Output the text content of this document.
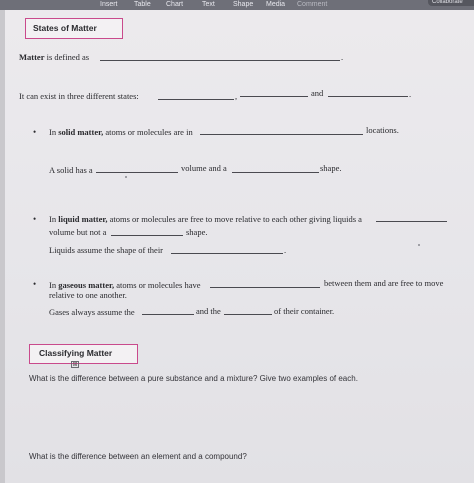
Insert Table Chart	Text	Shape Media Comment	Collaborate
States of Matter
Matter is defined as	.
It can exist in three different states:	,	and	.
• In solid matter, atoms or molecules are in	locations.
A solid has a	volume and a	shape.
• In liquid matter, atoms or molecules are free to move relative to each other giving liquids a
volume but not a	shape.
Liquids assume the shape of their	.
• In gaseous matter, atoms or molecules have	between them and are free to move
relative to one another.
Gases always assume the	and the	of their container.
Classifying Matter
⊞
What is the difference between a pure substance and a mixture? Give two examples of each.
What is the difference between an element and a compound?
